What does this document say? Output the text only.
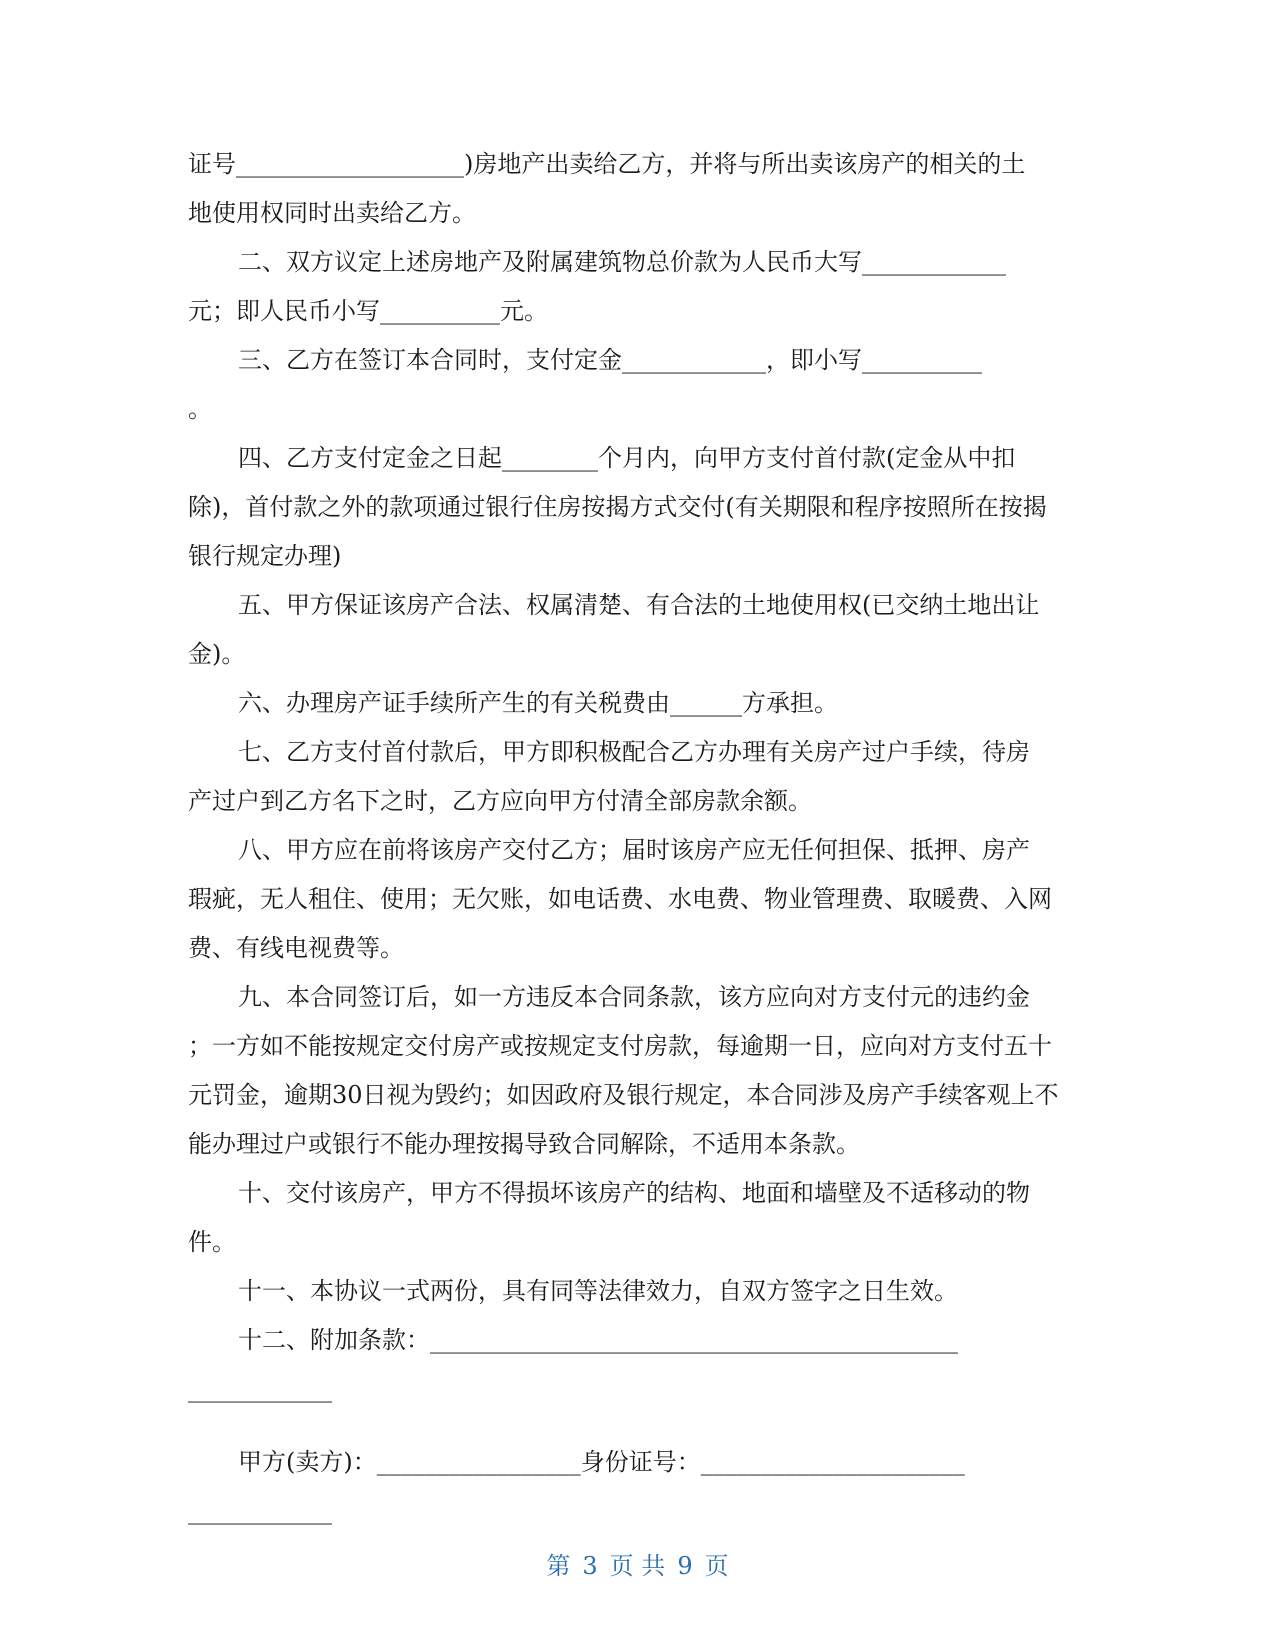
证号___________________)房地产出卖给乙方，并将与所出卖该房产的相关的土
地使用权同时出卖给乙方。
二、双方议定上述房地产及附属建筑物总价款为人民币大写____________
元；即人民币小写__________元。
三、乙方在签订本合同时，支付定金____________，即小写__________
。
四、乙方支付定金之日起________个月内，向甲方支付首付款(定金从中扣
除)，首付款之外的款项通过银行住房按揭方式交付(有关期限和程序按照所在按揭
银行规定办理)
五、甲方保证该房产合法、权属清楚、有合法的土地使用权(已交纳土地出让
金)。
六、办理房产证手续所产生的有关税费由______方承担。
七、乙方支付首付款后，甲方即积极配合乙方办理有关房产过户手续，待房
产过户到乙方名下之时，乙方应向甲方付清全部房款余额。
八、甲方应在前将该房产交付乙方；届时该房产应无任何担保、抵押、房产
瑕疵，无人租住、使用；无欠账，如电话费、水电费、物业管理费、取暖费、入网
费、有线电视费等。
九、本合同签订后，如一方违反本合同条款，该方应向对方支付元的违约金
；一方如不能按规定交付房产或按规定支付房款，每逾期一日，应向对方支付五十
元罚金，逾期30日视为毁约；如因政府及银行规定，本合同涉及房产手续客观上不
能办理过户或银行不能办理按揭导致合同解除，不适用本条款。
十、交付该房产，甲方不得损坏该房产的结构、地面和墙壁及不适移动的物
件。
十一、本协议一式两份，具有同等法律效力，自双方签字之日生效。
十二、附加条款：____________________________________________
____________
甲方(卖方)：_________________身份证号：______________________
____________
第 3 页 共 9 页
